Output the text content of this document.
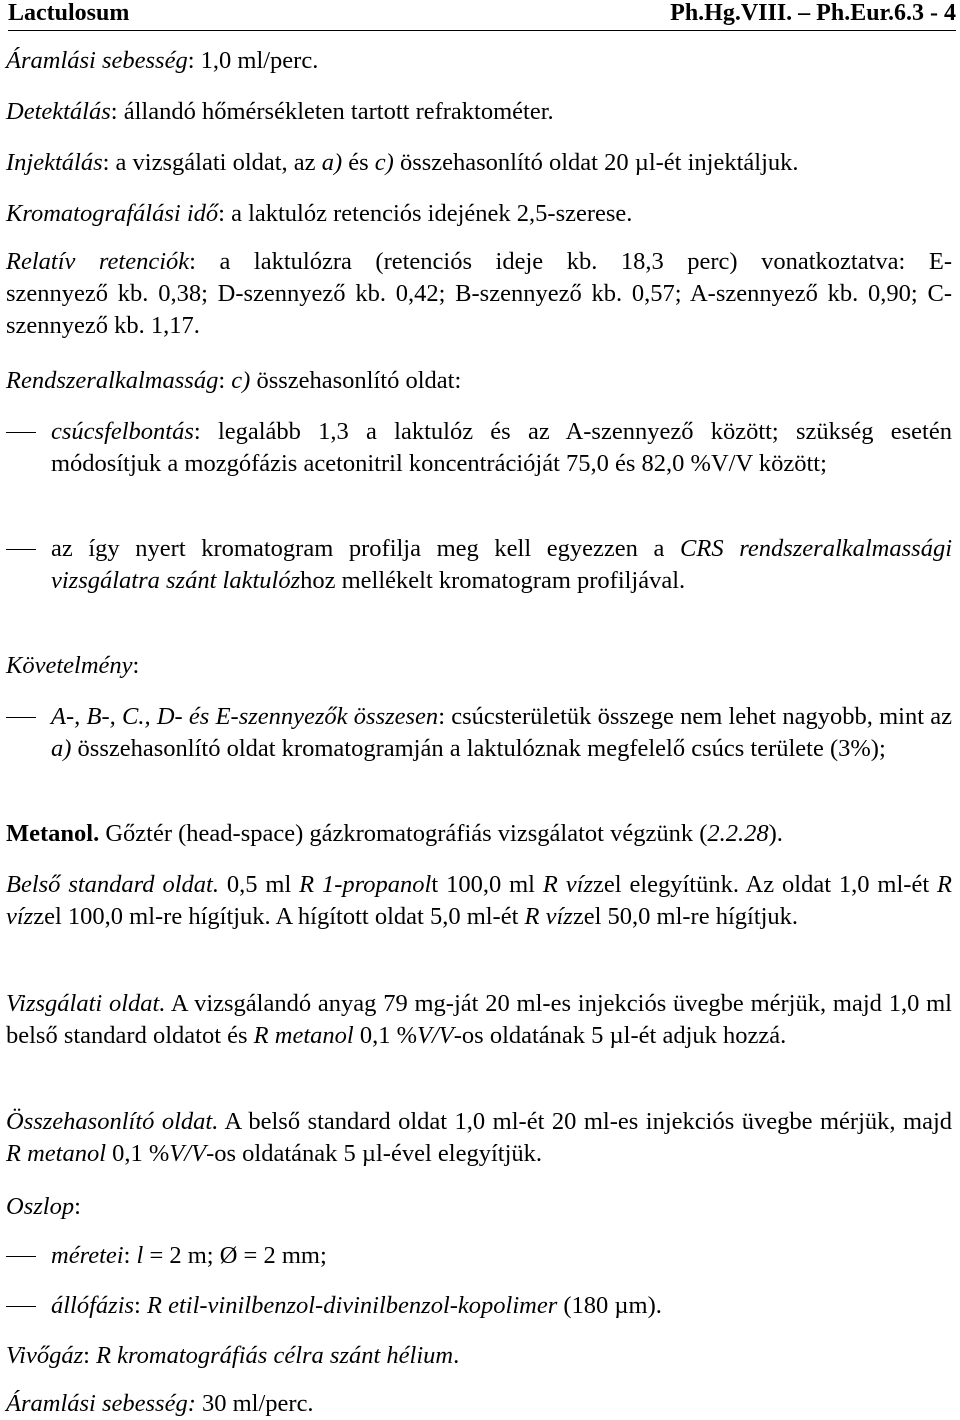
Lactulosum	Ph.Hg.VIII. – Ph.Eur.6.3 - 4
Áramlási sebesség: 1,0 ml/perc.
Detektálás: állandó hőmérsékleten tartott refraktométer.
Injektálás: a vizsgálati oldat, az a) és c) összehasonlító oldat 20 µl-ét injektáljuk.
Kromatografálási idő: a laktulóz retenciós idejének 2,5-szerese.
Relatív retenciók: a laktulózra (retenciós ideje kb. 18,3 perc) vonatkoztatva: E-
szennyező kb. 0,38; D-szennyező kb. 0,42; B-szennyező kb. 0,57; A-szennyező kb. 0,90; C-szennyező kb. 1,17.
Rendszeralkalmasság: c) összehasonlító oldat:
csúcsfelbontás: legalább 1,3 a laktulóz és az A-szennyező között; szükség esetén módosítjuk a mozgófázis acetonitril koncentrációját 75,0 és 82,0 %V/V között;
az így nyert kromatogram profilja meg kell egyezzen a CRS rendszeralkalmassági vizsgálatra szánt laktulózhoz mellékelt kromatogram profiljával.
Követelmény:
A-, B-, C., D- és E-szennyezők összesen: csúcsterületük összege nem lehet nagyobb, mint az a) összehasonlító oldat kromatogramján a laktulóznak megfelelő csúcs területe (3%);
Metanol. Gőztér (head-space) gázkromatográfiás vizsgálatot végzünk (2.2.28).
Belső standard oldat. 0,5 ml R 1-propanolt 100,0 ml R vízzel elegyítünk. Az oldat 1,0 ml-ét R vízzel 100,0 ml-re hígítjuk. A hígított oldat 5,0 ml-ét R vízzel 50,0 ml-re hígítjuk.
Vizsgálati oldat. A vizsgálandó anyag 79 mg-ját 20 ml-es injekciós üvegbe mérjük, majd 1,0 ml belső standard oldatot és R metanol 0,1 %V/V-os oldatának 5 µl-ét adjuk hozzá.
Összehasonlító oldat. A belső standard oldat 1,0 ml-ét 20 ml-es injekciós üvegbe mérjük, majd R metanol 0,1 %V/V-os oldatának 5 µl-ével elegyítjük.
Oszlop:
méretei: l = 2 m; Ø = 2 mm;
állófázis: R etil-vinilbenzol-divinilbenzol-kopolimer (180 µm).
Vivőgáz: R kromatográfiás célra szánt hélium.
Áramlási sebesség: 30 ml/perc.
